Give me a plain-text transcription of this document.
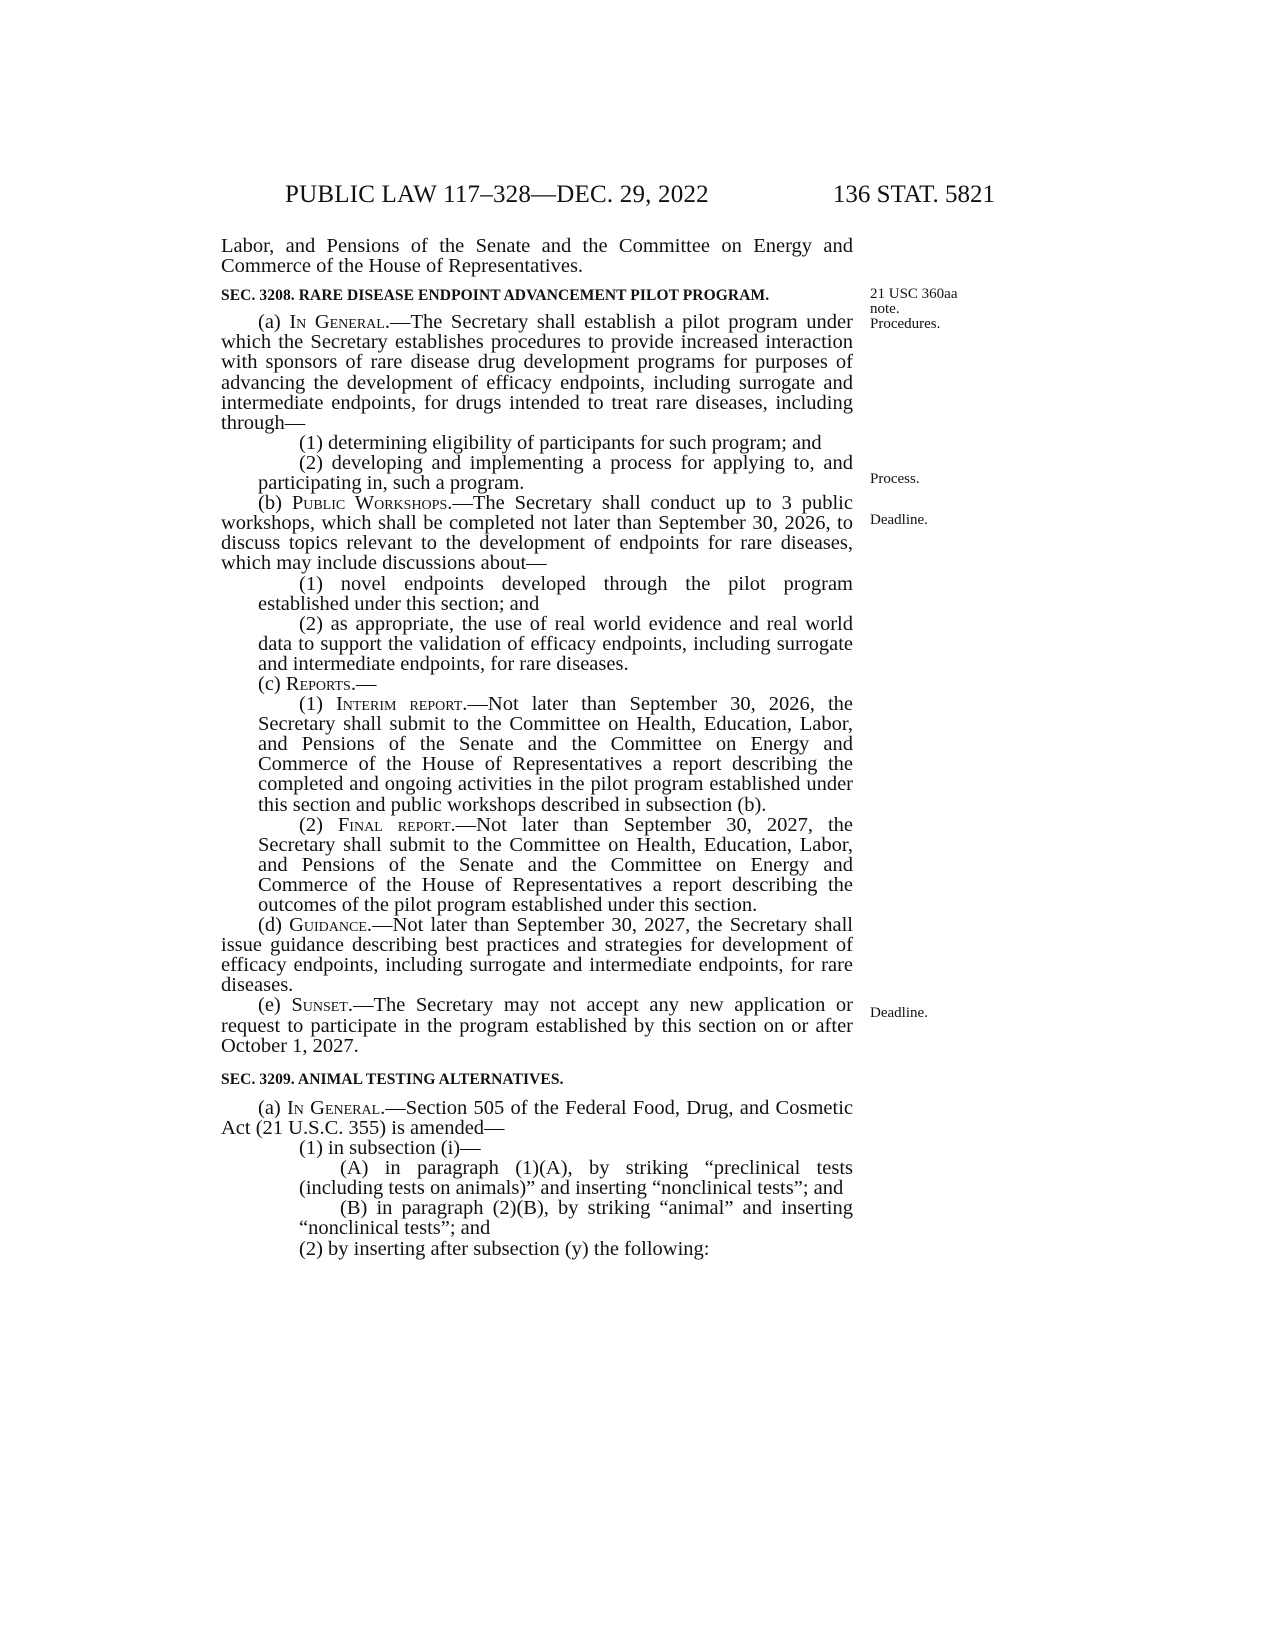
PUBLIC LAW 117–328—DEC. 29, 2022	136 STAT. 5821
21 USC 360aa
note.
Procedures.
Process.
Deadline.
Deadline.

Labor, and Pensions of the Senate and the Committee on Energy and Commerce of the House of Representatives.

SEC. 3208. RARE DISEASE ENDPOINT ADVANCEMENT PILOT PROGRAM.

(a) In General.—The Secretary shall establish a pilot program under which the Secretary establishes procedures to provide increased interaction with sponsors of rare disease drug development programs for purposes of advancing the development of efficacy endpoints, including surrogate and intermediate endpoints, for drugs intended to treat rare diseases, including through—

(1) determining eligibility of participants for such program; and

(2) developing and implementing a process for applying to, and participating in, such a program.

(b) Public Workshops.—The Secretary shall conduct up to 3 public workshops, which shall be completed not later than September 30, 2026, to discuss topics relevant to the development of endpoints for rare diseases, which may include discussions about—

(1) novel endpoints developed through the pilot program established under this section; and

(2) as appropriate, the use of real world evidence and real world data to support the validation of efficacy endpoints, including surrogate and intermediate endpoints, for rare diseases.

(c) Reports.—

(1) Interim report.—Not later than September 30, 2026, the Secretary shall submit to the Committee on Health, Education, Labor, and Pensions of the Senate and the Committee on Energy and Commerce of the House of Representatives a report describing the completed and ongoing activities in the pilot program established under this section and public workshops described in subsection (b).

(2) Final report.—Not later than September 30, 2027, the Secretary shall submit to the Committee on Health, Education, Labor, and Pensions of the Senate and the Committee on Energy and Commerce of the House of Representatives a report describing the outcomes of the pilot program established under this section.

(d) Guidance.—Not later than September 30, 2027, the Secretary shall issue guidance describing best practices and strategies for development of efficacy endpoints, including surrogate and intermediate endpoints, for rare diseases.

(e) Sunset.—The Secretary may not accept any new application or request to participate in the program established by this section on or after October 1, 2027.

SEC. 3209. ANIMAL TESTING ALTERNATIVES.

(a) In General.—Section 505 of the Federal Food, Drug, and Cosmetic Act (21 U.S.C. 355) is amended—

(1) in subsection (i)—

(A) in paragraph (1)(A), by striking “preclinical tests (including tests on animals)” and inserting “nonclinical tests”; and

(B) in paragraph (2)(B), by striking “animal” and inserting “nonclinical tests”; and

(2) by inserting after subsection (y) the following:
